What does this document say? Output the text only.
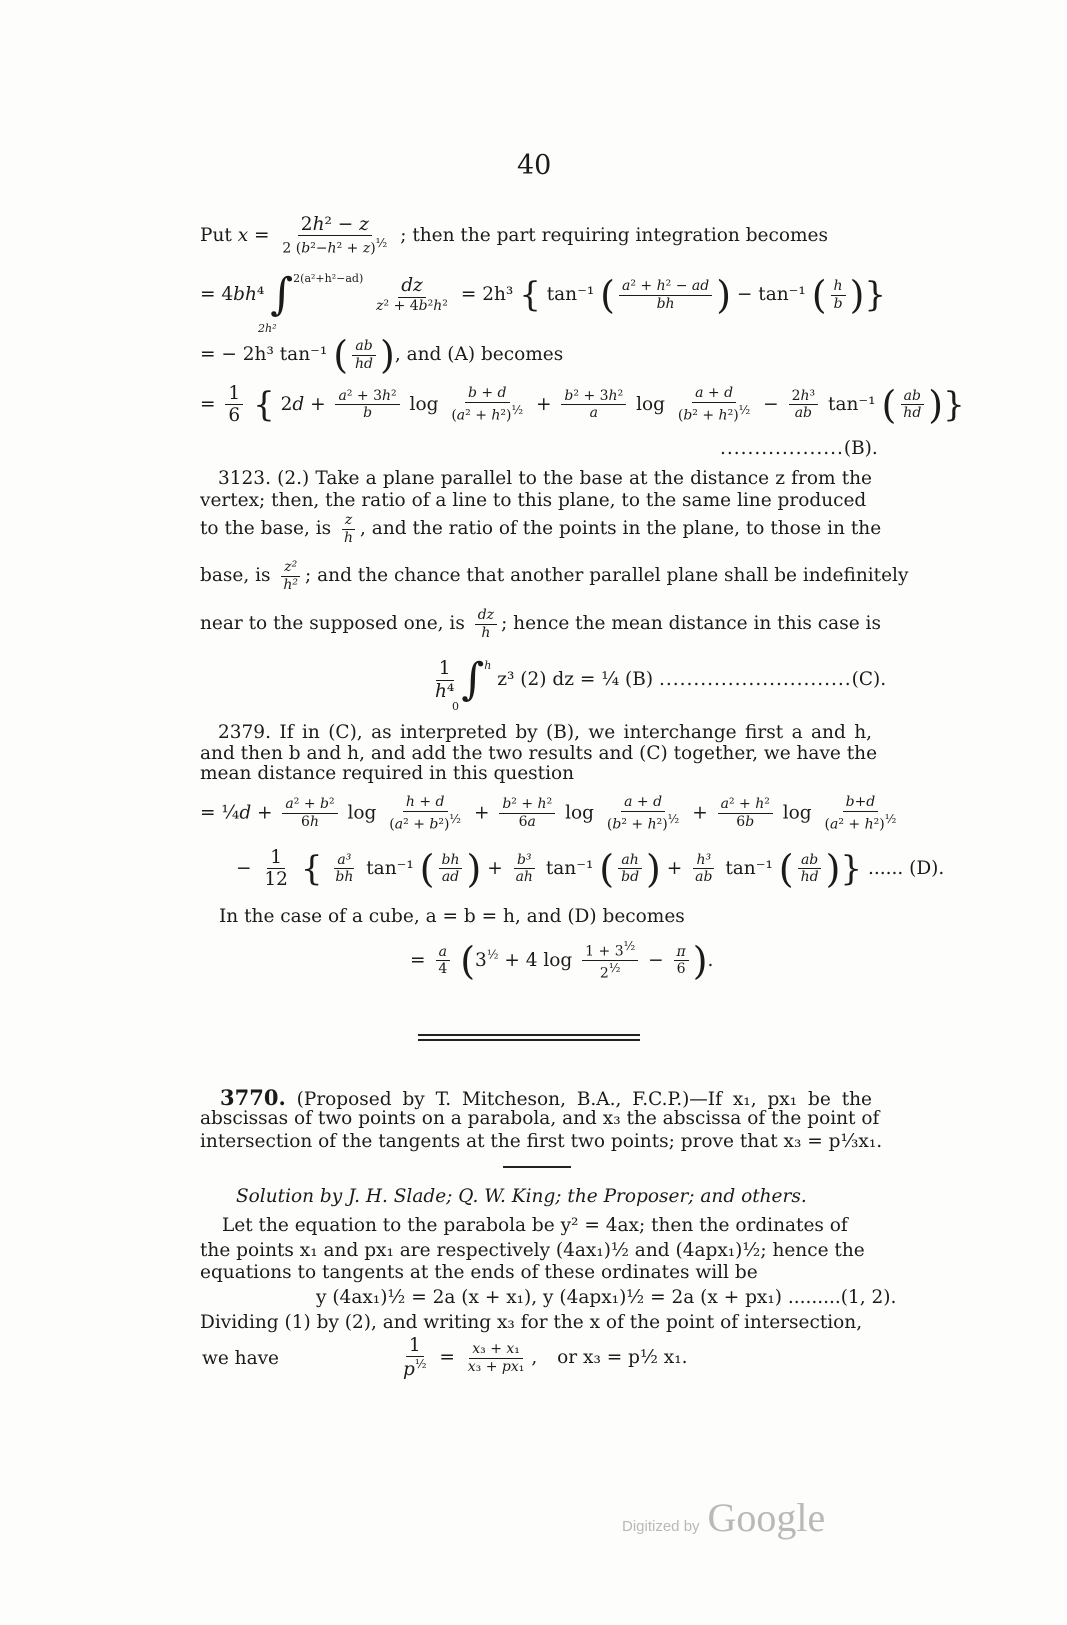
40
Put $x = \frac{\text{2h² − z}}{2 (b^2-h^2 + z)^{\frac{1}{2}}}$ ; then the part requiring integration becomes
= 4bh⁴ $\int^{2(a^2+h^2-ad)} \frac{dz}{\text{z² + 4b²h²}} = 2h^3$ { tan⁻¹ ( $\frac{\text{a² + h² − ad}}{bh}$ ) − tan⁻¹ ( $\frac{h}{b}$ )}
2h²
= − 2h³ tan⁻¹ ( $\frac{ab}{hd}$ ), and (A) becomes
= $\frac{1}{6}$ { $2d + \frac{\text{a² + 3h²}}{b}$ $\log \frac{b + d}{(a^2 + h^2)^{\frac{1}{2}}} + \frac{\text{b² + 3h²}}{a}$ $\log \frac{a + d}{(b^2 + h^2)^{\frac{1}{2}}} - \frac{\text{2h³}}{ab} \tan^{-1}$ ( $\frac{ab}{hd}$ )}
..................(B).
3123. (2.) Take a plane parallel to the base at the distance z from the
vertex; then, the ratio of a line to this plane, to the same line produced
to the base, is $\frac{z}{h}$ , and the ratio of the points in the plane, to those in the
base, is $\frac{\text{z²}}{\text{h²}}$ ; and the chance that another parallel plane shall be indefinitely
near to the supposed one, is $\frac{dz}{h}$ ; hence the mean distance in this case is
$\frac{1}{\text{h⁴}} \int^h$ z³ (2) dz = ¼ (B) ............................(C).
0
2379. If in (C), as interpreted by (B), we interchange first a and h,
and then b and h, and add the two results and (C) together, we have the
mean distance required in this question
= ¼d + $\frac{\text{a² + b²}}{6h}$ $\log \frac{h + d}{(a^2 + b^2)^{\frac{1}{2}}} + \frac{\text{b² + h²}}{6a}$ $\log \frac{a + d}{(b^2 + h^2)^{\frac{1}{2}}} + \frac{\text{a² + h²}}{6b}$ $\log \frac{b+d}{(a^2 + h^2)^{\frac{1}{2}}}$
− $\frac{1}{12}$ { $\frac{\text{a³}}{bh} \tan^{-1}$ ( $\frac{bh}{ad}$ ) + $\frac{\text{b³}}{ah} \tan^{-1}$ ( $\frac{ah}{bd}$ ) + $\frac{\text{h³}}{ab} \tan^{-1}$ ( $\frac{ab}{hd}$ )} ...... (D).
In the case of a cube, a = b = h, and (D) becomes
= $\frac{a}{4} (3^{\frac{1}{2}} + 4$ $\log \frac{1 + 3^{\frac{1}{2}}}{2^{\frac{1}{2}}} - \frac{\pi}{6}$ ).
3770. (Proposed by T. Mitcheson, B.A., F.C.P.)—If x₁, px₁ be the
abscissas of two points on a parabola, and x₃ the abscissa of the point of
intersection of the tangents at the first two points; prove that x₃ = p⅓x₁.
Solution by J. H. Slade; Q. W. King; the Proposer; and others.
Let the equation to the parabola be y² = 4ax; then the ordinates of
the points x₁ and px₁ are respectively (4ax₁)½ and (4apx₁)½; hence the
equations to tangents at the ends of these ordinates will be
y (4ax₁)½ = 2a (x + x₁), y (4apx₁)½ = 2a (x + px₁) .........(1, 2).
Dividing (1) by (2), and writing x₃ for the x of the point of intersection,
we have	$\frac{1}{p^{\frac{1}{2}}} = \frac{\text{x₃ + x₁}}{\text{x₃ + px₁}}$ , or x₃ = p½ x₁.
Digitized by Google
